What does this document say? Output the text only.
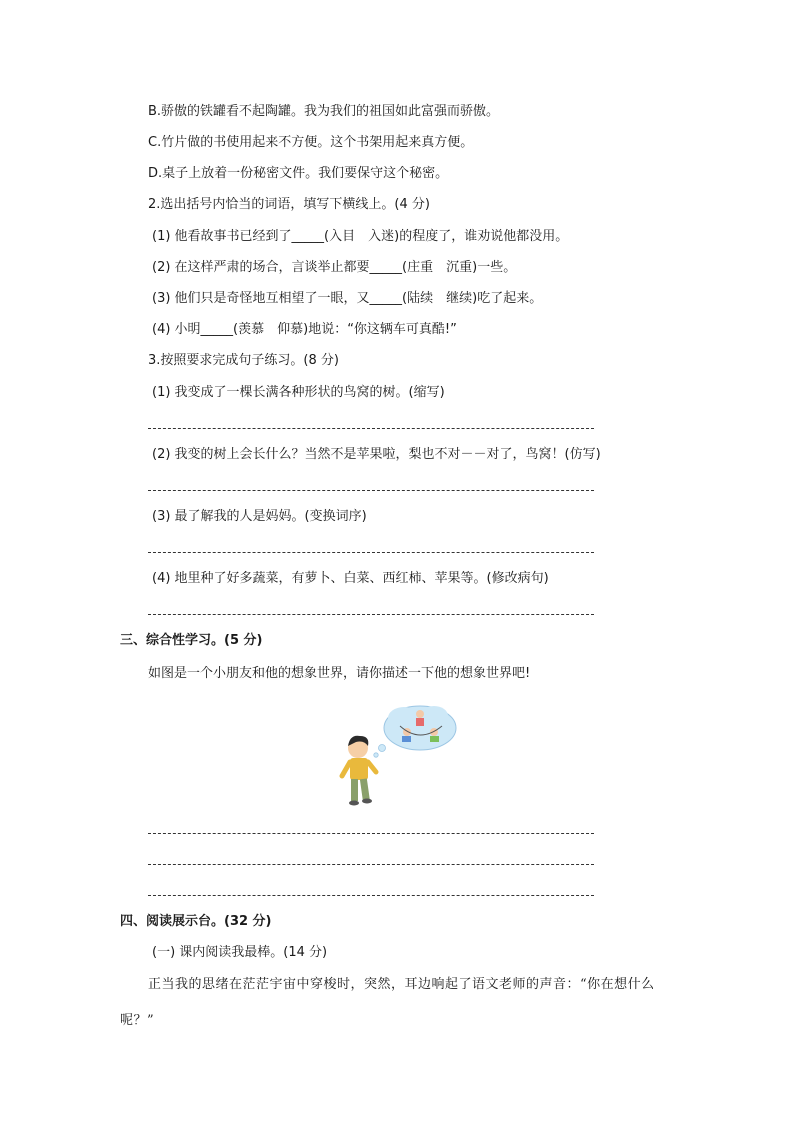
B.骄傲的铁罐看不起陶罐。我为我们的祖国如此富强而骄傲。
C.竹片做的书使用起来不方便。这个书架用起来真方便。
D.桌子上放着一份秘密文件。我们要保守这个秘密。
2.选出括号内恰当的词语，填写下横线上。(4 分)
(1) 他看故事书已经到了_____(入目　入迷)的程度了，谁劝说他都没用。
(2) 在这样严肃的场合，言谈举止都要_____(庄重　沉重)一些。
(3) 他们只是奇怪地互相望了一眼，又_____(陆续　继续)吃了起来。
(4) 小明_____(羡慕　仰慕)地说：“你这辆车可真酷!”
3.按照要求完成句子练习。(8 分)
(1) 我变成了一棵长满各种形状的鸟窝的树。(缩写)
(2) 我变的树上会长什么？当然不是苹果啦，梨也不对－－对了，鸟窝！(仿写)
(3) 最了解我的人是妈妈。(变换词序)
(4) 地里种了好多蔬菜，有萝卜、白菜、西红柿、苹果等。(修改病句)
三、综合性学习。(5 分)
如图是一个小朋友和他的想象世界，请你描述一下他的想象世界吧!
四、阅读展示台。(32 分)
(一) 课内阅读我最棒。(14 分)
正当我的思绪在茫茫宇宙中穿梭时，突然，耳边响起了语文老师的声音：“你在想什么
呢？”
